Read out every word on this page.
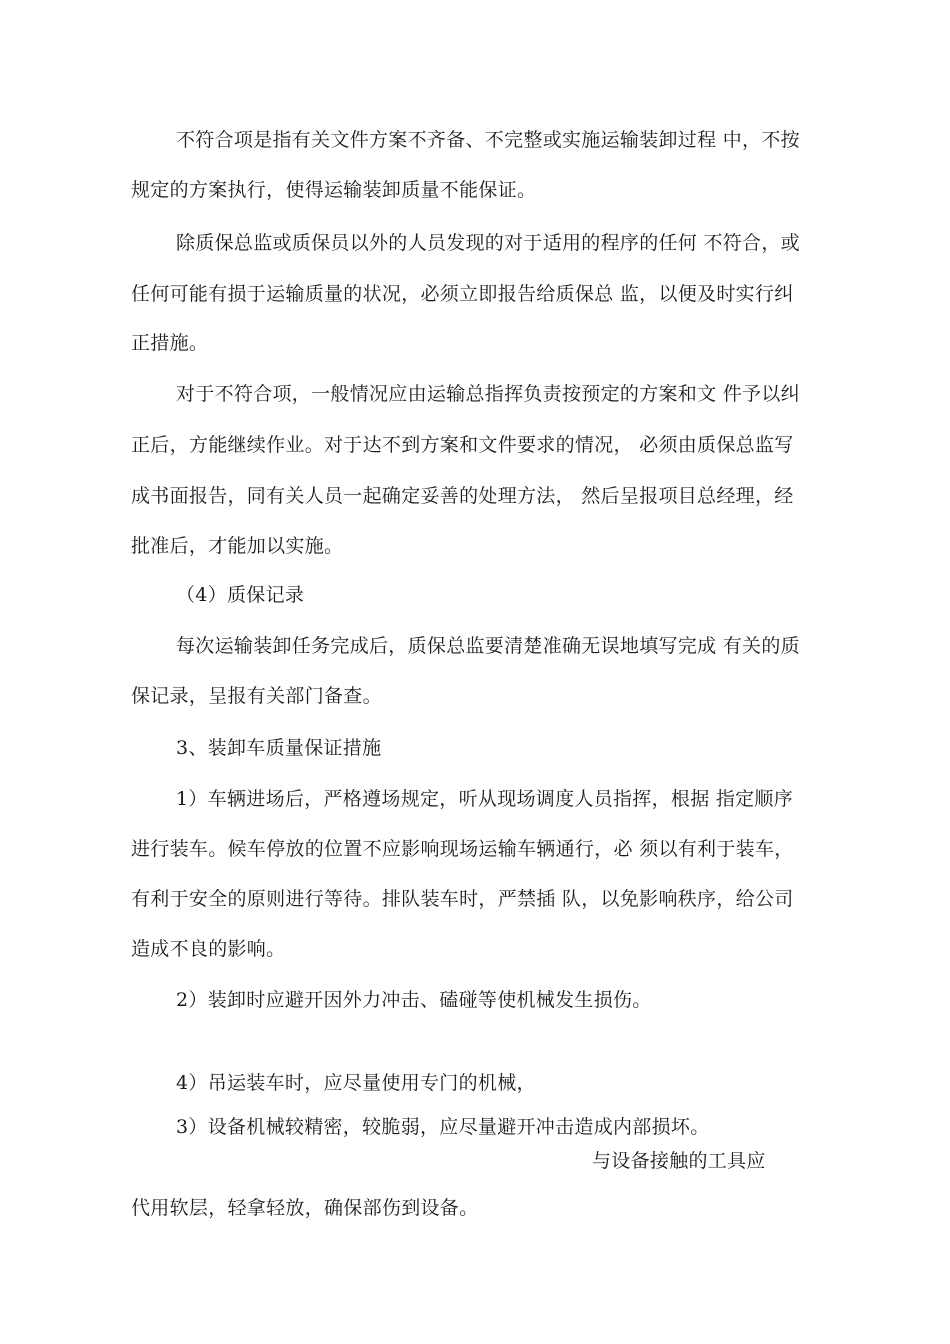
不符合项是指有关文件方案不齐备、不完整或实施运输装卸过程 中，不按
规定的方案执行，使得运输装卸质量不能保证。
除质保总监或质保员以外的人员发现的对于适用的程序的任何 不符合，或
任何可能有损于运输质量的状况，必须立即报告给质保总 监，以便及时实行纠
正措施。
对于不符合项，一般情况应由运输总指挥负责按预定的方案和文 件予以纠
正后，方能继续作业。对于达不到方案和文件要求的情况， 必须由质保总监写
成书面报告，同有关人员一起确定妥善的处理方法， 然后呈报项目总经理，经
批准后，才能加以实施。
（4）质保记录
每次运输装卸任务完成后，质保总监要清楚准确无误地填写完成 有关的质
保记录，呈报有关部门备查。
3、装卸车质量保证措施
1）车辆进场后，严格遵场规定，听从现场调度人员指挥，根据 指定顺序
进行装车。候车停放的位置不应影响现场运输车辆通行，必 须以有利于装车，
有利于安全的原则进行等待。排队装车时，严禁插 队，以免影响秩序，给公司
造成不良的影响。
2）装卸时应避开因外力冲击、磕碰等使机械发生损伤。
4）吊运装车时，应尽量使用专门的机械，
3）设备机械较精密，较脆弱，应尽量避开冲击造成内部损坏。
与设备接触的工具应
代用软层，轻拿轻放，确保部伤到设备。
